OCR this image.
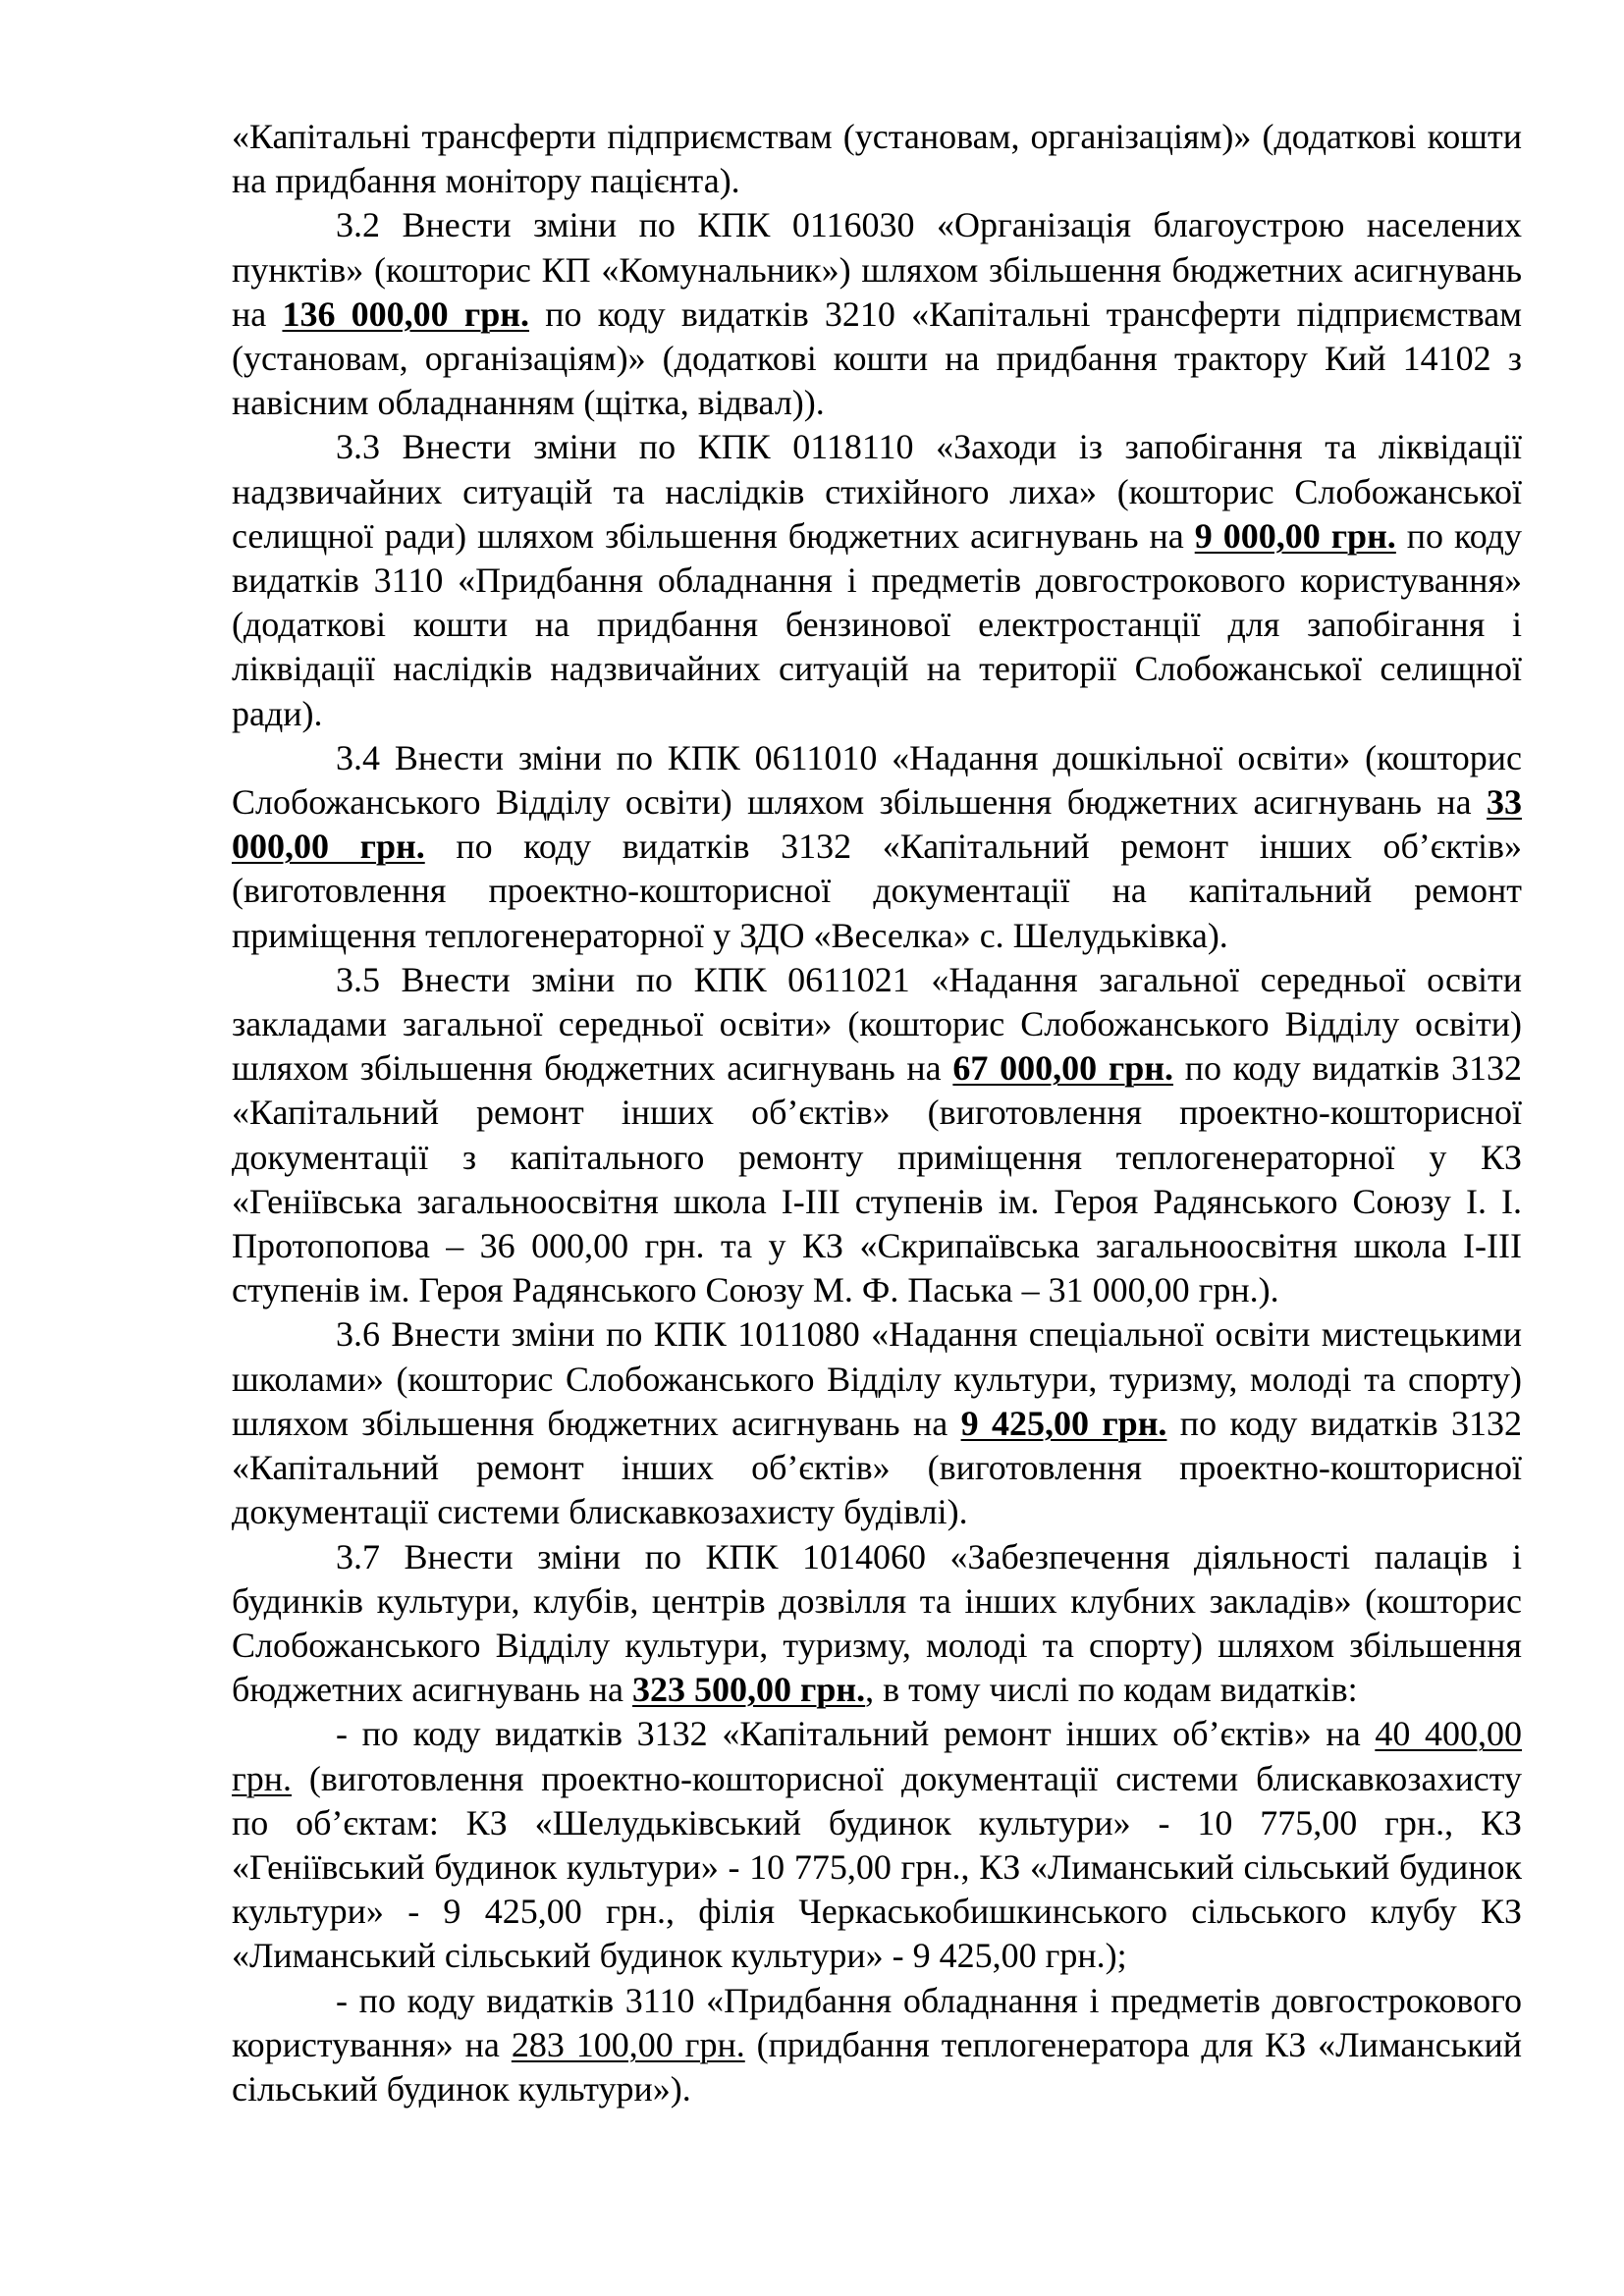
«Капітальні трансферти підприємствам (установам, організаціям)» (додаткові кошти на придбання монітору пацієнта).

3.2 Внести зміни по КПК 0116030 «Організація благоустрою населених пунктів» (кошторис КП «Комунальник») шляхом збільшення бюджетних асигнувань на 136 000,00 грн. по коду видатків 3210 «Капітальні трансферти підприємствам (установам, організаціям)» (додаткові кошти на придбання трактору Кий 14102 з навісним обладнанням (щітка, відвал)).

3.3 Внести зміни по КПК 0118110 «Заходи із запобігання та ліквідації надзвичайних ситуацій та наслідків стихійного лиха» (кошторис Слобожанської селищної ради) шляхом збільшення бюджетних асигнувань на 9 000,00 грн. по коду видатків 3110 «Придбання обладнання і предметів довгострокового користування» (додаткові кошти на придбання бензинової електростанції для запобігання і ліквідації наслідків надзвичайних ситуацій на території Слобожанської селищної ради).

3.4 Внести зміни по КПК 0611010 «Надання дошкільної освіти» (кошторис Слобожанського Відділу освіти) шляхом збільшення бюджетних асигнувань на 33 000,00 грн. по коду видатків 3132 «Капітальний ремонт інших об’єктів» (виготовлення проектно-кошторисної документації на капітальний ремонт приміщення теплогенераторної у ЗДО «Веселка» с. Шелудьківка).

3.5 Внести зміни по КПК 0611021 «Надання загальної середньої освіти закладами загальної середньої освіти» (кошторис Слобожанського Відділу освіти) шляхом збільшення бюджетних асигнувань на 67 000,00 грн. по коду видатків 3132 «Капітальний ремонт інших об’єктів» (виготовлення проектно-кошторисної документації з капітального ремонту приміщення теплогенераторної у КЗ «Генiївська загальноосвітня школа І-ІІІ ступенів ім. Героя Радянського Союзу І. І. Протопопова – 36 000,00 грн. та у КЗ «Скрипаївська загальноосвітня школа І-ІІІ ступенів ім. Героя Радянського Союзу М. Ф. Паська – 31 000,00 грн.).

3.6 Внести зміни по КПК 1011080 «Надання спеціальної освіти мистецькими школами» (кошторис Слобожанського Відділу культури, туризму, молоді та спорту) шляхом збільшення бюджетних асигнувань на 9 425,00 грн. по коду видатків 3132 «Капітальний ремонт інших об’єктів» (виготовлення проектно-кошторисної документації системи блискавкозахисту будівлі).

3.7 Внести зміни по КПК 1014060 «Забезпечення діяльності палаців і будинків культури, клубів, центрів дозвілля та інших клубних закладів» (кошторис Слобожанського Відділу культури, туризму, молоді та спорту) шляхом збільшення бюджетних асигнувань на 323 500,00 грн., в тому числі по кодам видатків:

- по коду видатків 3132 «Капітальний ремонт інших об’єктів» на 40 400,00 грн. (виготовлення проектно-кошторисної документації системи блискавкозахисту по об’єктам: КЗ «Шелудьківський будинок культури» - 10 775,00 грн., КЗ «Генiївський будинок культури» - 10 775,00 грн., КЗ «Лиманський сільський будинок культури» - 9 425,00 грн., філія Черкаськобишкинського сільського клубу КЗ «Лиманський сільський будинок культури» - 9 425,00 грн.);

- по коду видатків 3110 «Придбання обладнання і предметів довгострокового користування» на 283 100,00 грн. (придбання теплогенератора для КЗ «Лиманський сільський будинок культури»).
